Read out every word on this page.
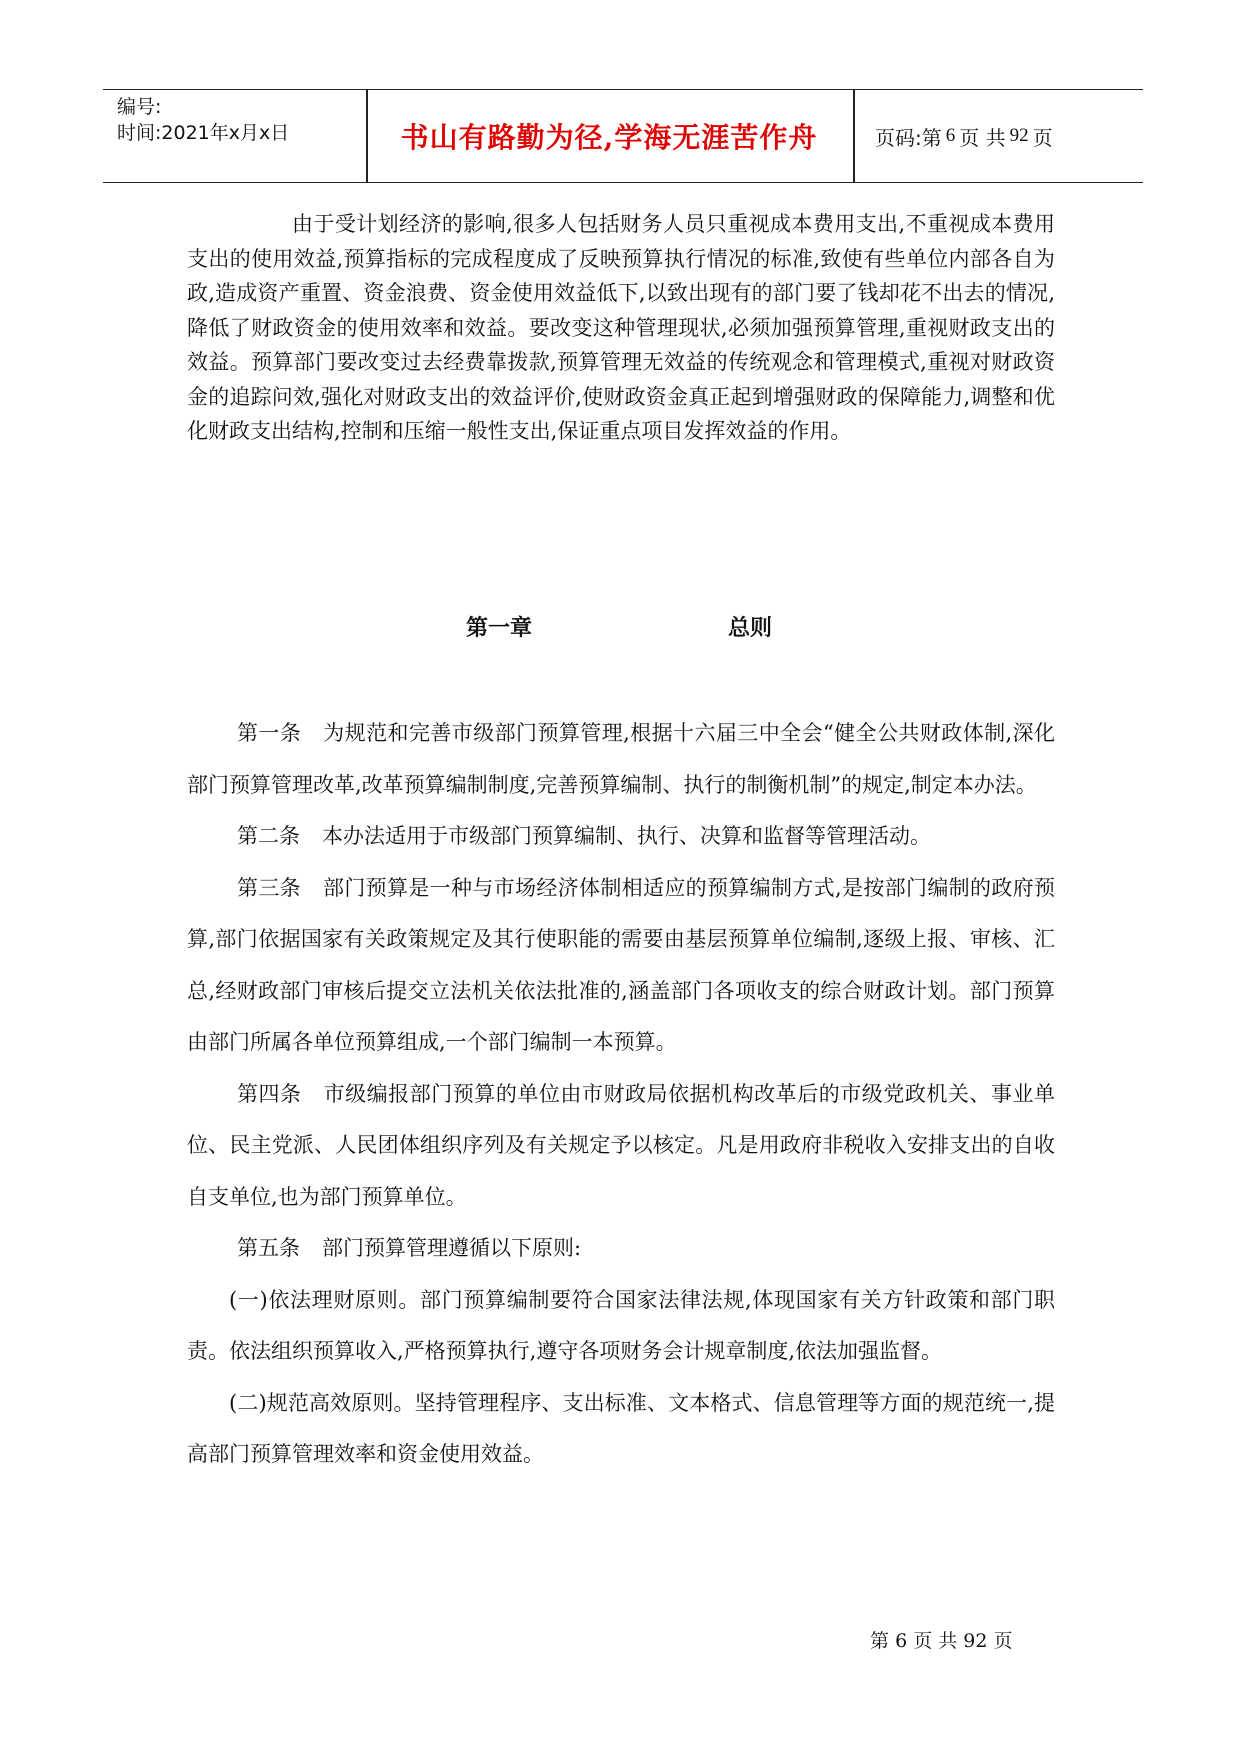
编号:
时间:2021年x月x日	书山有路勤为径,学海无涯苦作舟	页码:第 6 页 共 92 页
由于受计划经济的影响,很多人包括财务人员只重视成本费用支出,不重视成本费用支出的使用效益,预算指标的完成程度成了反映预算执行情况的标准,致使有些单位内部各自为政,造成资产重置、资金浪费、资金使用效益低下,以致出现有的部门要了钱却花不出去的情况,降低了财政资金的使用效率和效益。要改变这种管理现状,必须加强预算管理,重视财政支出的效益。预算部门要改变过去经费靠拨款,预算管理无效益的传统观念和管理模式,重视对财政资金的追踪问效,强化对财政支出的效益评价,使财政资金真正起到增强财政的保障能力,调整和优化财政支出结构,控制和压缩一般性支出,保证重点项目发挥效益的作用。
第一章	总则

第一条 为规范和完善市级部门预算管理,根据十六届三中全会“健全公共财政体制,深化部门预算管理改革,改革预算编制制度,完善预算编制、执行的制衡机制”的规定,制定本办法。

第二条 本办法适用于市级部门预算编制、执行、决算和监督等管理活动。

第三条 部门预算是一种与市场经济体制相适应的预算编制方式,是按部门编制的政府预算,部门依据国家有关政策规定及其行使职能的需要由基层预算单位编制,逐级上报、审核、汇总,经财政部门审核后提交立法机关依法批准的,涵盖部门各项收支的综合财政计划。部门预算由部门所属各单位预算组成,一个部门编制一本预算。

第四条 市级编报部门预算的单位由市财政局依据机构改革后的市级党政机关、事业单位、民主党派、人民团体组织序列及有关规定予以核定。凡是用政府非税收入安排支出的自收自支单位,也为部门预算单位。

第五条 部门预算管理遵循以下原则:

(一)依法理财原则。部门预算编制要符合国家法律法规,体现国家有关方针政策和部门职责。依法组织预算收入,严格预算执行,遵守各项财务会计规章制度,依法加强监督。

(二)规范高效原则。坚持管理程序、支出标准、文本格式、信息管理等方面的规范统一,提高部门预算管理效率和资金使用效益。

第 6 页 共 92 页
